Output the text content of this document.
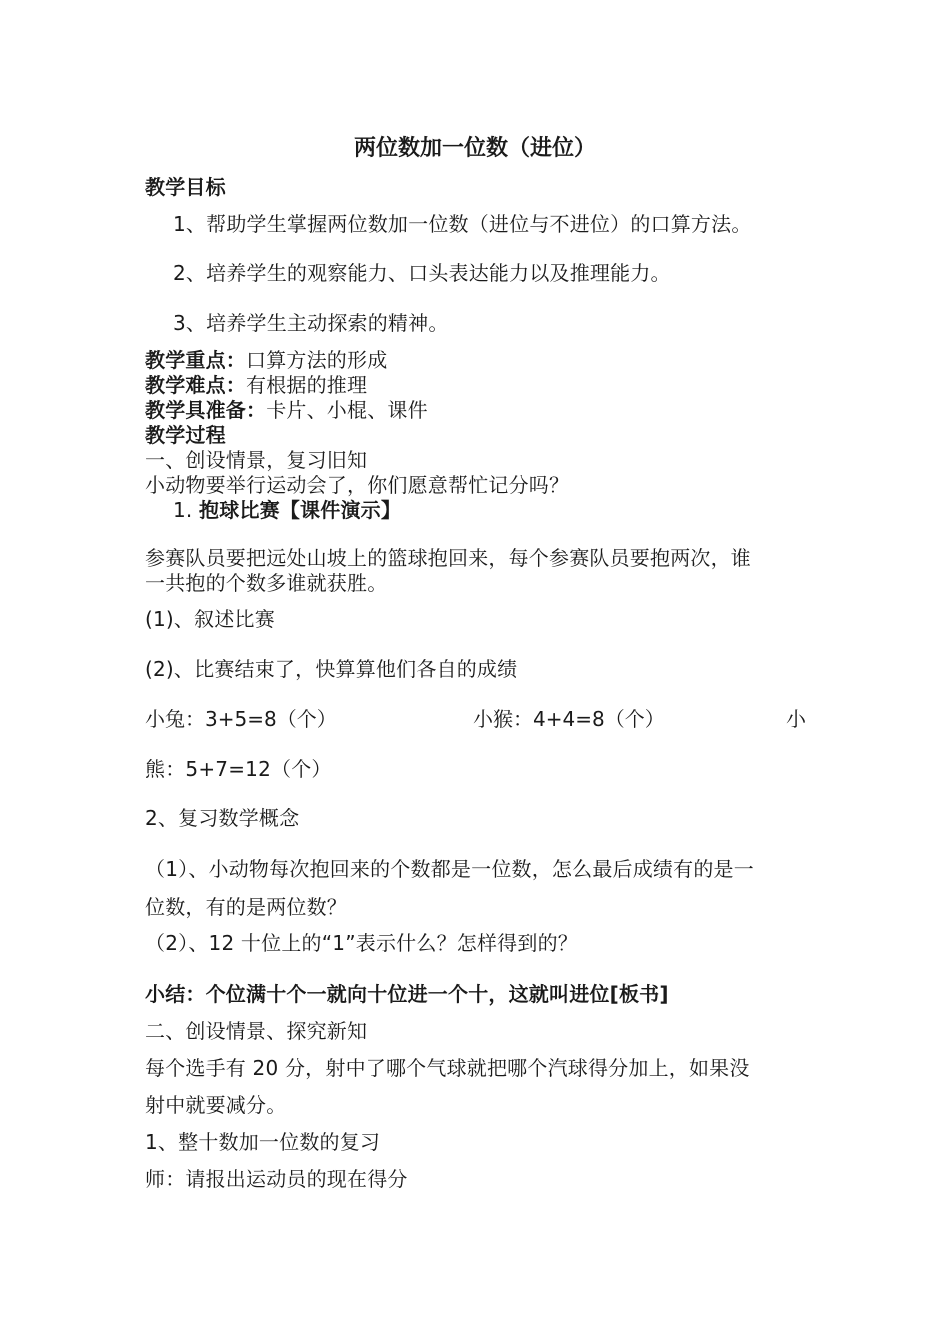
两位数加一位数（进位）
教学目标
1、帮助学生掌握两位数加一位数（进位与不进位）的口算方法。
2、培养学生的观察能力、口头表达能力以及推理能力。
3、培养学生主动探索的精神。
教学重点：口算方法的形成
教学难点：有根据的推理
教学具准备：卡片、小棍、课件
教学过程
一、创设情景，复习旧知
小动物要举行运动会了，你们愿意帮忙记分吗？
1. 抱球比赛【课件演示】
参赛队员要把远处山坡上的篮球抱回来，每个参赛队员要抱两次，谁
一共抱的个数多谁就获胜。
(1)、叙述比赛
(2)、比赛结束了，快算算他们各自的成绩
小兔：3+5=8（个）	小猴：4+4=8（个）	小
熊：5+7=12（个）
2、复习数学概念
（1）、小动物每次抱回来的个数都是一位数，怎么最后成绩有的是一
位数，有的是两位数？
（2）、12 十位上的“1”表示什么？怎样得到的？
小结：个位满十个一就向十位进一个十，这就叫进位[板书]
二、创设情景、探究新知
每个选手有 20 分，射中了哪个气球就把哪个汽球得分加上，如果没
射中就要减分。
1、整十数加一位数的复习
师：请报出运动员的现在得分
